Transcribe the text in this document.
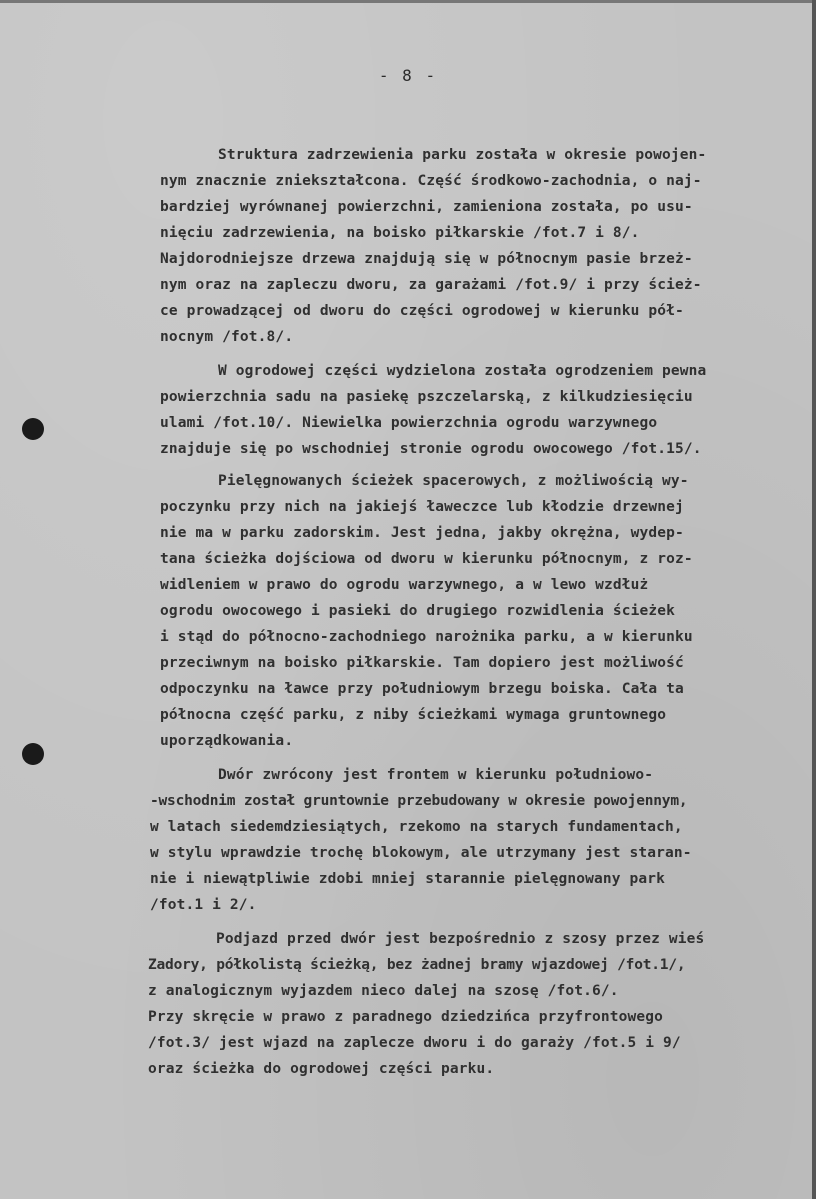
- 8 -
Struktura zadrzewienia parku została w okresie powojen-
nym znacznie zniekształcona. Część środkowo-zachodnia, o naj-
bardziej wyrównanej powierzchni, zamieniona została, po usu-
nięciu zadrzewienia, na boisko piłkarskie /fot.7 i 8/.
Najdorodniejsze drzewa znajdują się w północnym pasie brzeż-
nym oraz na zapleczu dworu, za garażami /fot.9/ i przy ścież-
ce prowadzącej od dworu do części ogrodowej w kierunku pół-
nocnym /fot.8/.
W ogrodowej części wydzielona została ogrodzeniem pewna
powierzchnia sadu na pasiekę pszczelarską, z kilkudziesięciu
ulami /fot.10/. Niewielka powierzchnia ogrodu warzywnego
znajduje się po wschodniej stronie ogrodu owocowego /fot.15/.
Pielęgnowanych ścieżek spacerowych, z możliwością wy-
poczynku przy nich na jakiejś ławeczce lub kłodzie drzewnej
nie ma w parku zadorskim. Jest jedna, jakby okrężna, wydep-
tana ścieżka dojściowa od dworu w kierunku północnym, z roz-
widleniem w prawo do ogrodu warzywnego, a w lewo wzdłuż
ogrodu owocowego i pasieki do drugiego rozwidlenia ścieżek
i stąd do północno-zachodniego narożnika parku, a w kierunku
przeciwnym na boisko piłkarskie. Tam dopiero jest możliwość
odpoczynku na ławce przy południowym brzegu boiska. Cała ta
północna część parku, z niby ścieżkami wymaga gruntownego
uporządkowania.
Dwór zwrócony jest frontem w kierunku południowo-
-wschodnim został gruntownie przebudowany w okresie powojennym,
w latach siedemdziesiątych, rzekomo na starych fundamentach,
w stylu wprawdzie trochę blokowym, ale utrzymany jest staran-
nie i niewątpliwie zdobi mniej starannie pielęgnowany park
/fot.1 i 2/.
Podjazd przed dwór jest bezpośrednio z szosy przez wieś
Zadory, półkolistą ścieżką, bez żadnej bramy wjazdowej /fot.1/,
z analogicznym wyjazdem nieco dalej na szosę /fot.6/.
Przy skręcie w prawo z paradnego dziedzińca przyfrontowego
/fot.3/ jest wjazd na zaplecze dworu i do garaży /fot.5 i 9/
oraz ścieżka do ogrodowej części parku.
